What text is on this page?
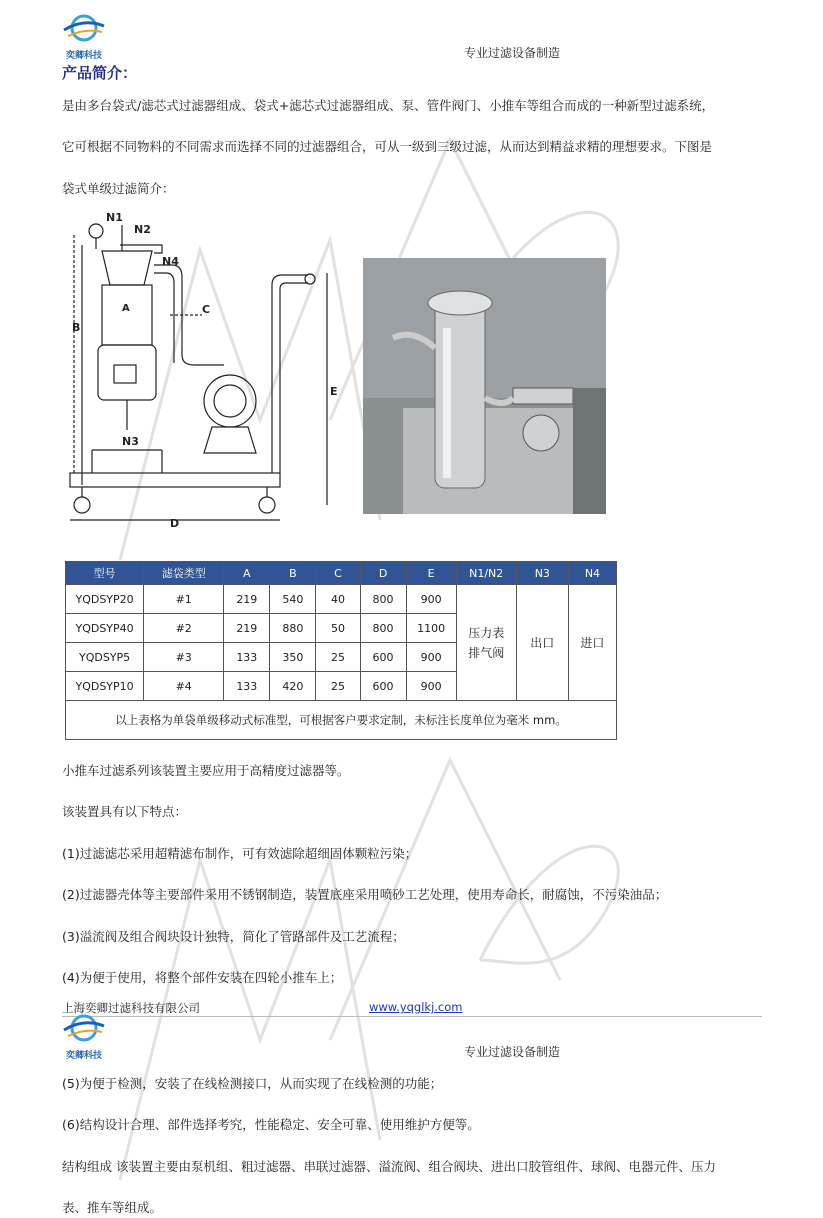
奕卿科技	专业过滤设备制造
产品简介：
是由多台袋式/滤芯式过滤器组成、袋式+滤芯式过滤器组成、泵、管件阀门、小推车等组合而成的一种新型过滤系统，
它可根据不同物料的不同需求而选择不同的过滤器组合，可从一级到三级过滤，从而达到精益求精的理想要求。下图是
袋式单级过滤简介：
N1
N2
N4
A
B
C
N3
E
D
型号	滤袋类型	A	B	C	D	E	N1/N2	N3	N4
YQDSYP20	#1	219	540	40	800	900	压力表
排气阀	出口	进口
YQDSYP40	#2	219	880	50	800	1100			
YQDSYP5	#3	133	350	25	600	900			
YQDSYP10	#4	133	420	25	600	900			
以上表格为单袋单级移动式标准型，可根据客户要求定制，未标注长度单位为毫米 mm。									
小推车过滤系列该装置主要应用于高精度过滤器等。
该装置具有以下特点：
(1)过滤滤芯采用超精滤布制作，可有效滤除超细固体颗粒污染；
(2)过滤器壳体等主要部件采用不锈钢制造，装置底座采用喷砂工艺处理，使用寿命长，耐腐蚀，不污染油品；
(3)溢流阀及组合阀块设计独特，简化了管路部件及工艺流程；
(4)为便于使用，将整个部件安装在四轮小推车上；
上海奕卿过滤科技有限公司	www.yqglkj.com
奕卿科技	专业过滤设备制造
(5)为便于检测，安装了在线检测接口，从而实现了在线检测的功能；
(6)结构设计合理、部件选择考究，性能稳定、安全可靠、使用维护方便等。
结构组成 该装置主要由泵机组、粗过滤器、串联过滤器、溢流阀、组合阀块、进出口胶管组件、球阀、电器元件、压力
表、推车等组成。
